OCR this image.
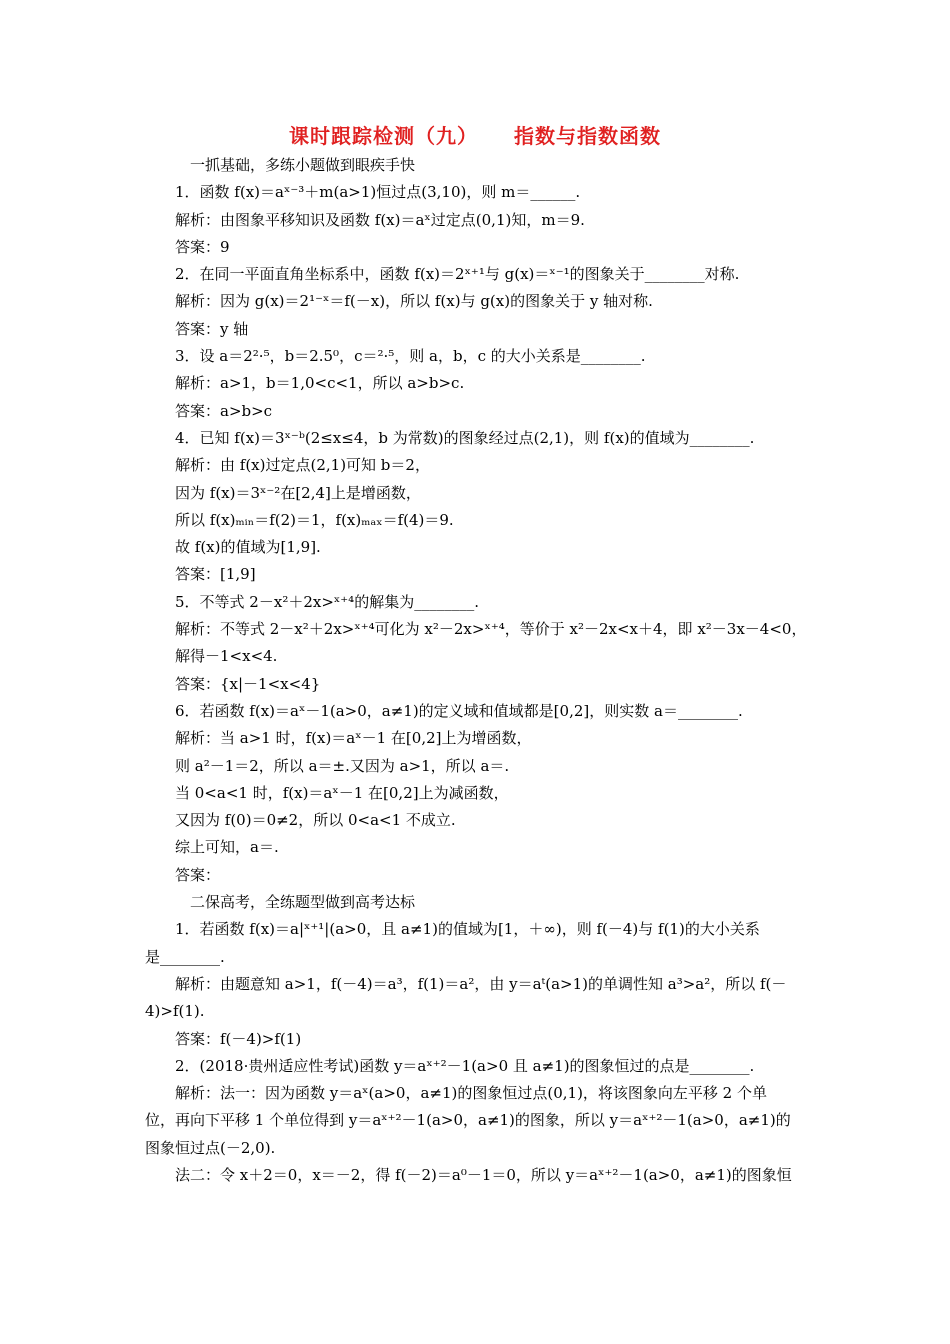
课时跟踪检测（九） 指数与指数函数
一抓基础，多练小题做到眼疾手快
1．函数 f(x)＝aˣ⁻³＋m(a>1)恒过点(3,10)，则 m＝______.
解析：由图象平移知识及函数 f(x)＝aˣ过定点(0,1)知，m＝9.
答案：9
2．在同一平面直角坐标系中，函数 f(x)＝2ˣ⁺¹与 g(x)＝ˣ⁻¹的图象关于________对称.
解析：因为 g(x)＝2¹⁻ˣ＝f(－x)，所以 f(x)与 g(x)的图象关于 y 轴对称.
答案：y 轴
3．设 a＝2²·⁵，b＝2.5⁰，c＝²·⁵，则 a，b，c 的大小关系是________.
解析：a>1，b＝1,0<c<1，所以 a>b>c.
答案：a>b>c
4．已知 f(x)＝3ˣ⁻ᵇ(2≤x≤4，b 为常数)的图象经过点(2,1)，则 f(x)的值域为________.
解析：由 f(x)过定点(2,1)可知 b＝2，
因为 f(x)＝3ˣ⁻²在[2,4]上是增函数，
所以 f(x)ₘᵢₙ＝f(2)＝1，f(x)ₘₐₓ＝f(4)＝9.
故 f(x)的值域为[1,9].
答案：[1,9]
5．不等式 2－x²＋2x>ˣ⁺⁴的解集为________.
解析：不等式 2－x²＋2x>ˣ⁺⁴可化为 x²－2x>ˣ⁺⁴，等价于 x²－2x<x＋4，即 x²－3x－4<0，
解得－1<x<4.
答案：{x|－1<x<4}
6．若函数 f(x)＝aˣ－1(a>0，a≠1)的定义域和值域都是[0,2]，则实数 a＝________.
解析：当 a>1 时，f(x)＝aˣ－1 在[0,2]上为增函数，
则 a²－1＝2，所以 a＝±.又因为 a>1，所以 a＝.
当 0<a<1 时，f(x)＝aˣ－1 在[0,2]上为减函数，
又因为 f(0)＝0≠2，所以 0<a<1 不成立.
综上可知，a＝.
答案：
二保高考，全练题型做到高考达标
1．若函数 f(x)＝a|ˣ⁺¹|(a>0，且 a≠1)的值域为[1，＋∞)，则 f(－4)与 f(1)的大小关系
是________.
解析：由题意知 a>1，f(－4)＝a³，f(1)＝a²，由 y＝aᵗ(a>1)的单调性知 a³>a²，所以 f(－
4)>f(1).
答案：f(－4)>f(1)
2．(2018·贵州适应性考试)函数 y＝aˣ⁺²－1(a>0 且 a≠1)的图象恒过的点是________.
解析：法一：因为函数 y＝aˣ(a>0，a≠1)的图象恒过点(0,1)，将该图象向左平移 2 个单
位，再向下平移 1 个单位得到 y＝aˣ⁺²－1(a>0，a≠1)的图象，所以 y＝aˣ⁺²－1(a>0，a≠1)的
图象恒过点(－2,0).
法二：令 x＋2＝0，x＝－2，得 f(－2)＝a⁰－1＝0，所以 y＝aˣ⁺²－1(a>0，a≠1)的图象恒
